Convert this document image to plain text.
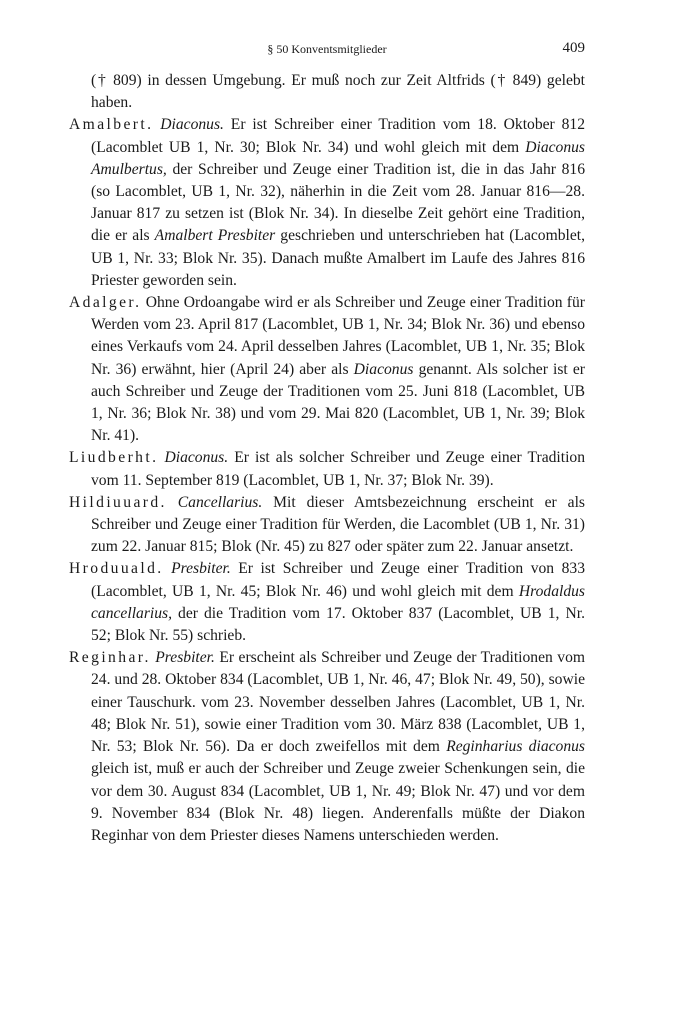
§ 50 Konventsmitglieder	409

(† 809) in dessen Umgebung. Er muß noch zur Zeit Altfrids († 849) gelebt haben.

Amalbert. Diaconus. Er ist Schreiber einer Tradition vom 18. Oktober 812 (Lacomblet UB 1, Nr. 30; Blok Nr. 34) und wohl gleich mit dem Diaconus Amulbertus, der Schreiber und Zeuge einer Tradition ist, die in das Jahr 816 (so Lacomblet, UB 1, Nr. 32), näherhin in die Zeit vom 28. Januar 816—28. Januar 817 zu setzen ist (Blok Nr. 34). In dieselbe Zeit gehört eine Tradition, die er als Amalbert Presbiter geschrieben und unterschrieben hat (Lacomblet, UB 1, Nr. 33; Blok Nr. 35). Danach mußte Amalbert im Laufe des Jahres 816 Priester geworden sein.

Adalger. Ohne Ordoangabe wird er als Schreiber und Zeuge einer Tradition für Werden vom 23. April 817 (Lacomblet, UB 1, Nr. 34; Blok Nr. 36) und ebenso eines Verkaufs vom 24. April desselben Jahres (Lacomblet, UB 1, Nr. 35; Blok Nr. 36) erwähnt, hier (April 24) aber als Diaconus genannt. Als solcher ist er auch Schreiber und Zeuge der Traditionen vom 25. Juni 818 (Lacomblet, UB 1, Nr. 36; Blok Nr. 38) und vom 29. Mai 820 (Lacomblet, UB 1, Nr. 39; Blok Nr. 41).

Liudberht. Diaconus. Er ist als solcher Schreiber und Zeuge einer Tradition vom 11. September 819 (Lacomblet, UB 1, Nr. 37; Blok Nr. 39).

Hildiuuard. Cancellarius. Mit dieser Amtsbezeichnung erscheint er als Schreiber und Zeuge einer Tradition für Werden, die Lacomblet (UB 1, Nr. 31) zum 22. Januar 815; Blok (Nr. 45) zu 827 oder später zum 22. Januar ansetzt.

Hroduuald. Presbiter. Er ist Schreiber und Zeuge einer Tradition von 833 (Lacomblet, UB 1, Nr. 45; Blok Nr. 46) und wohl gleich mit dem Hrodaldus cancellarius, der die Tradition vom 17. Oktober 837 (Lacomblet, UB 1, Nr. 52; Blok Nr. 55) schrieb.

Reginhar. Presbiter. Er erscheint als Schreiber und Zeuge der Traditionen vom 24. und 28. Oktober 834 (Lacomblet, UB 1, Nr. 46, 47; Blok Nr. 49, 50), sowie einer Tauschurk. vom 23. November desselben Jahres (Lacomblet, UB 1, Nr. 48; Blok Nr. 51), sowie einer Tradition vom 30. März 838 (Lacomblet, UB 1, Nr. 53; Blok Nr. 56). Da er doch zweifellos mit dem Reginharius diaconus gleich ist, muß er auch der Schreiber und Zeuge zweier Schenkungen sein, die vor dem 30. August 834 (Lacomblet, UB 1, Nr. 49; Blok Nr. 47) und vor dem 9. November 834 (Blok Nr. 48) liegen. Anderenfalls müßte der Diakon Reginhar von dem Priester dieses Namens unterschieden werden.
